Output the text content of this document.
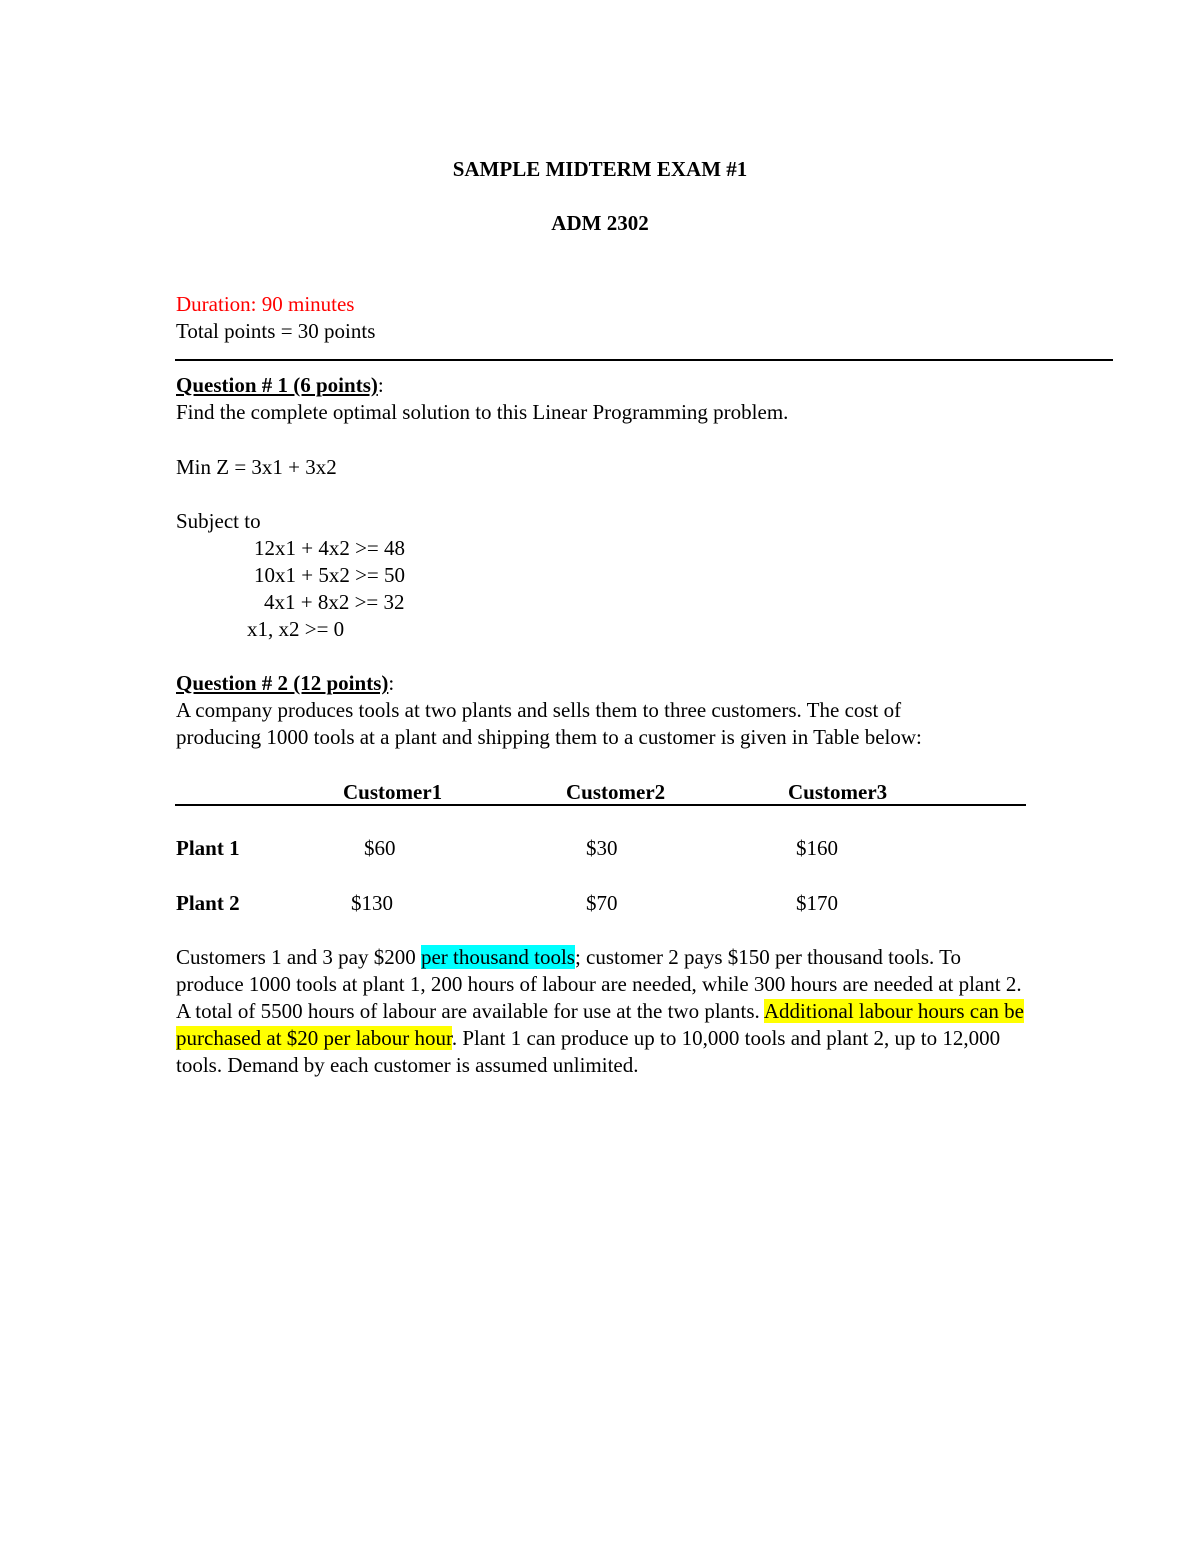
SAMPLE MIDTERM EXAM #1
ADM 2302
Duration: 90 minutes
Total points = 30 points
Question # 1 (6 points):
Find the complete optimal solution to this Linear Programming problem.
Min Z = 3x1 + 3x2
Subject to
12x1 + 4x2 >= 48
10x1 + 5x2 >= 50
4x1 + 8x2 >= 32
x1, x2 >= 0
Question # 2 (12 points):
A company produces tools at two plants and sells them to three customers. The cost of
producing 1000 tools at a plant and shipping them to a customer is given in Table below:
Customer1	Customer2	Customer3
Plant 1	$60	$30	$160
Plant 2	$130	$70	$170
Customers 1 and 3 pay $200 per thousand tools; customer 2 pays $150 per thousand tools. To produce 1000 tools at plant 1, 200 hours of labour are needed, while 300 hours are needed at plant 2. A total of 5500 hours of labour are available for use at the two plants. Additional labour hours can be purchased at $20 per labour hour. Plant 1 can produce up to 10,000 tools and plant 2, up to 12,000 tools. Demand by each customer is assumed unlimited.
